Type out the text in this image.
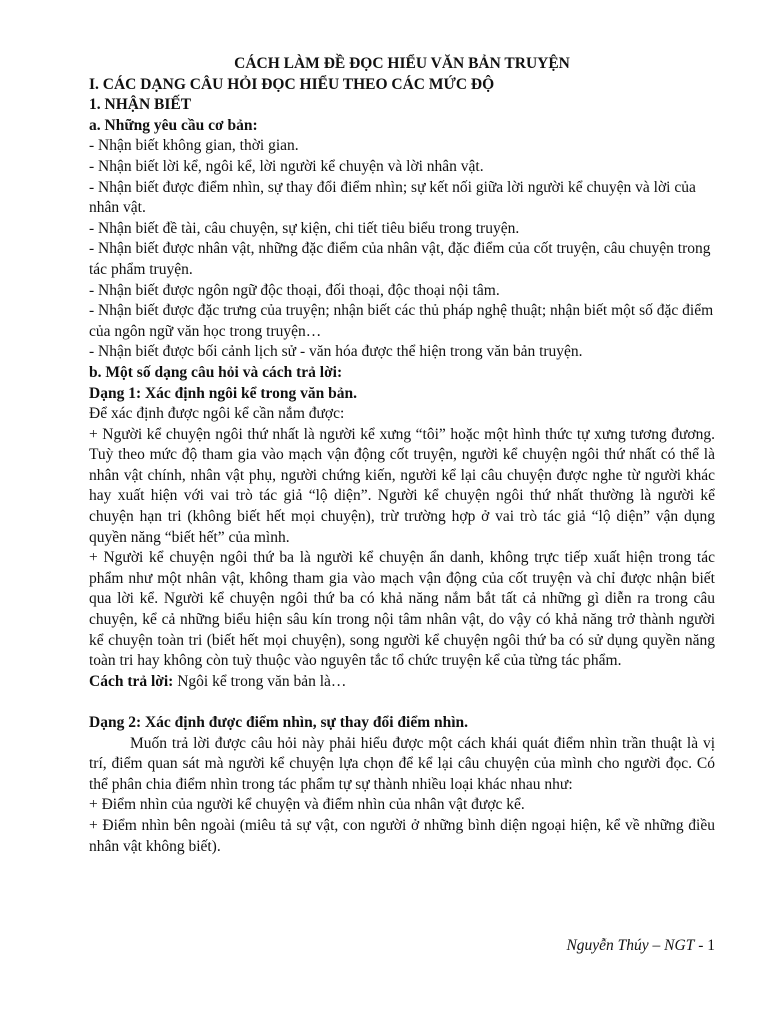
CÁCH LÀM ĐỀ ĐỌC HIỂU VĂN BẢN TRUYỆN

I. CÁC DẠNG CÂU HỎI ĐỌC HIỂU THEO CÁC MỨC ĐỘ

1. NHẬN BIẾT

a. Những yêu cầu cơ bản:

- Nhận biết không gian, thời gian.

- Nhận biết lời kể, ngôi kể, lời người kể chuyện và lời nhân vật.

- Nhận biết được điểm nhìn, sự thay đổi điểm nhìn; sự kết nối giữa lời người kể chuyện và lời của nhân vật.

- Nhận biết đề tài, câu chuyện, sự kiện, chi tiết tiêu biểu trong truyện.

- Nhận biết được nhân vật, những đặc điểm của nhân vật, đặc điểm của cốt truyện, câu chuyện trong tác phẩm truyện.

- Nhận biết được ngôn ngữ độc thoại, đối thoại, độc thoại nội tâm.

- Nhận biết được đặc trưng của truyện; nhận biết các thủ pháp nghệ thuật; nhận biết một số đặc điểm của ngôn ngữ văn học trong truyện…

- Nhận biết được bối cảnh lịch sử - văn hóa được thể hiện trong văn bản truyện.

b. Một số dạng câu hỏi và cách trả lời:

Dạng 1: Xác định ngôi kể trong văn bản.

Để xác định được ngôi kể cần nắm được:

+ Người kể chuyện ngôi thứ nhất là người kể xưng “tôi” hoặc một hình thức tự xưng tương đương. Tuỳ theo mức độ tham gia vào mạch vận động cốt truyện, người kể chuyện ngôi thứ nhất có thể là nhân vật chính, nhân vật phụ, người chứng kiến, người kể lại câu chuyện được nghe từ người khác hay xuất hiện với vai trò tác giả “lộ diện”. Người kể chuyện ngôi thứ nhất thường là người kể chuyện hạn tri (không biết hết mọi chuyện), trừ trường hợp ở vai trò tác giả “lộ diện” vận dụng quyền năng “biết hết” của mình.

+ Người kể chuyện ngôi thứ ba là người kể chuyện ẩn danh, không trực tiếp xuất hiện trong tác phẩm như một nhân vật, không tham gia vào mạch vận động của cốt truyện và chỉ được nhận biết qua lời kể. Người kể chuyện ngôi thứ ba có khả năng nắm bắt tất cả những gì diễn ra trong câu chuyện, kể cả những biểu hiện sâu kín trong nội tâm nhân vật, do vậy có khả năng trở thành người kể chuyện toàn tri (biết hết mọi chuyện), song người kể chuyện ngôi thứ ba có sử dụng quyền năng toàn tri hay không còn tuỳ thuộc vào nguyên tắc tổ chức truyện kể của từng tác phẩm.

Cách trả lời: Ngôi kể trong văn bản là…

Dạng 2: Xác định được điểm nhìn, sự thay đổi điểm nhìn.

Muốn trả lời được câu hỏi này phải hiểu được một cách khái quát điểm nhìn trần thuật là vị trí, điểm quan sát mà người kể chuyện lựa chọn để kể lại câu chuyện của mình cho người đọc. Có thể phân chia điểm nhìn trong tác phẩm tự sự thành nhiều loại khác nhau như:

+ Điểm nhìn của người kể chuyện và điểm nhìn của nhân vật được kể.

+ Điểm nhìn bên ngoài (miêu tả sự vật, con người ở những bình diện ngoại hiện, kể về những điều nhân vật không biết).

Nguyễn Thúy – NGT - 1
